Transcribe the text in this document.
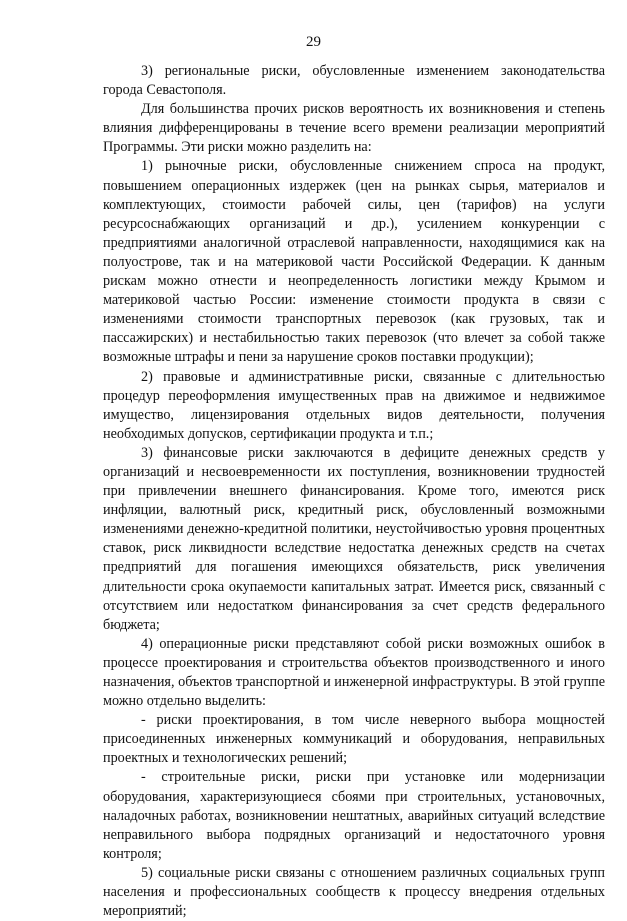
29

3) региональные риски, обусловленные изменением законодательства города Севастополя.

Для большинства прочих рисков вероятность их возникновения и степень влияния дифференцированы в течение всего времени реализации мероприятий Программы. Эти риски можно разделить на:

1) рыночные риски, обусловленные снижением спроса на продукт, повышением операционных издержек (цен на рынках сырья, материалов и комплектующих, стоимости рабочей силы, цен (тарифов) на услуги ресурсоснабжающих организаций и др.), усилением конкуренции с предприятиями аналогичной отраслевой направленности, находящимися как на полуострове, так и на материковой части Российской Федерации. К данным рискам можно отнести и неопределенность логистики между Крымом и материковой частью России: изменение стоимости продукта в связи с изменениями стоимости транспортных перевозок (как грузовых, так и пассажирских) и нестабильностью таких перевозок (что влечет за собой также возможные штрафы и пени за нарушение сроков поставки продукции);

2) правовые и административные риски, связанные с длительностью процедур переоформления имущественных прав на движимое и недвижимое имущество, лицензирования отдельных видов деятельности, получения необходимых допусков, сертификации продукта и т.п.;

3) финансовые риски заключаются в дефиците денежных средств у организаций и несвоевременности их поступления, возникновении трудностей при привлечении внешнего финансирования. Кроме того, имеются риск инфляции, валютный риск, кредитный риск, обусловленный возможными изменениями денежно-кредитной политики, неустойчивостью уровня процентных ставок, риск ликвидности вследствие недостатка денежных средств на счетах предприятий для погашения имеющихся обязательств, риск увеличения длительности срока окупаемости капитальных затрат. Имеется риск, связанный с отсутствием или недостатком финансирования за счет средств федерального бюджета;

4) операционные риски представляют собой риски возможных ошибок в процессе проектирования и строительства объектов производственного и иного назначения, объектов транспортной и инженерной инфраструктуры. В этой группе можно отдельно выделить:

- риски проектирования, в том числе неверного выбора мощностей присоединенных инженерных коммуникаций и оборудования, неправильных проектных и технологических решений;

- строительные риски, риски при установке или модернизации оборудования, характеризующиеся сбоями при строительных, установочных, наладочных работах, возникновении нештатных, аварийных ситуаций вследствие неправильного выбора подрядных организаций и недостаточного уровня контроля;

5) социальные риски связаны с отношением различных социальных групп населения и профессиональных сообществ к процессу внедрения отдельных мероприятий;
